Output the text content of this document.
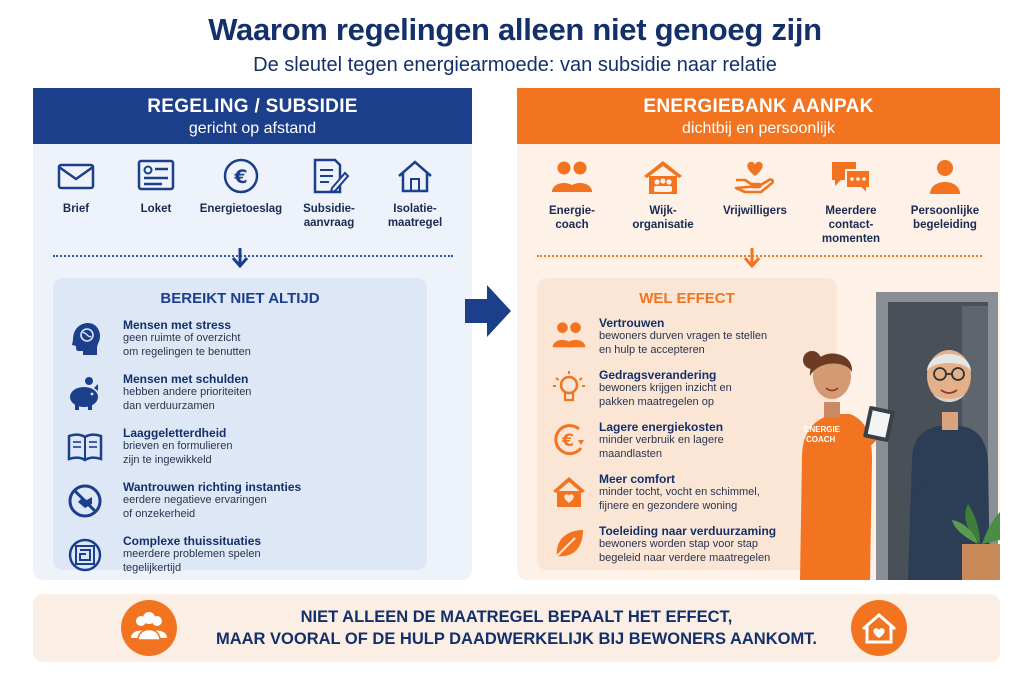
Waarom regelingen alleen niet genoeg zijn
De sleutel tegen energiearmoede: van subsidie naar relatie
REGELING / SUBSIDIE
gericht op afstand
Brief	Loket
€
Energietoeslag	Subsidie-
aanvraag
Isolatie-
maatregel
BEREIKT NIET ALTIJD
Mensen met stress
geen ruimte of overzicht
om regelingen te benutten
Mensen met schulden
hebben andere prioriteiten
dan verduurzamen
Laaggeletterdheid
brieven en formulieren
zijn te ingewikkeld
Wantrouwen richting instanties
eerdere negatieve ervaringen
of onzekerheid
Complexe thuissituaties
meerdere problemen spelen
tegelijkertijd
ENERGIEBANK AANPAK
dichtbij en persoonlijk
Energie-
coach
Wijk-
organisatie
Vrijwilligers	Meerdere
contact-
momenten
Persoonlijke
begeleiding
WEL EFFECT
Vertrouwen
bewoners durven vragen te stellen
en hulp te accepteren
Gedragsverandering
bewoners krijgen inzicht en
pakken maatregelen op
€
Lagere energiekosten
minder verbruik en lagere
maandlasten
Meer comfort
minder tocht, vocht en schimmel,
fijnere en gezondere woning
Toeleiding naar verduurzaming
bewoners worden stap voor stap
begeleid naar verdere maatregelen
ENERGIE COACH
NIET ALLEEN DE MAATREGEL BEPAALT HET EFFECT,
MAAR VOORAL OF DE HULP DAADWERKELIJK BIJ BEWONERS AANKOMT.
